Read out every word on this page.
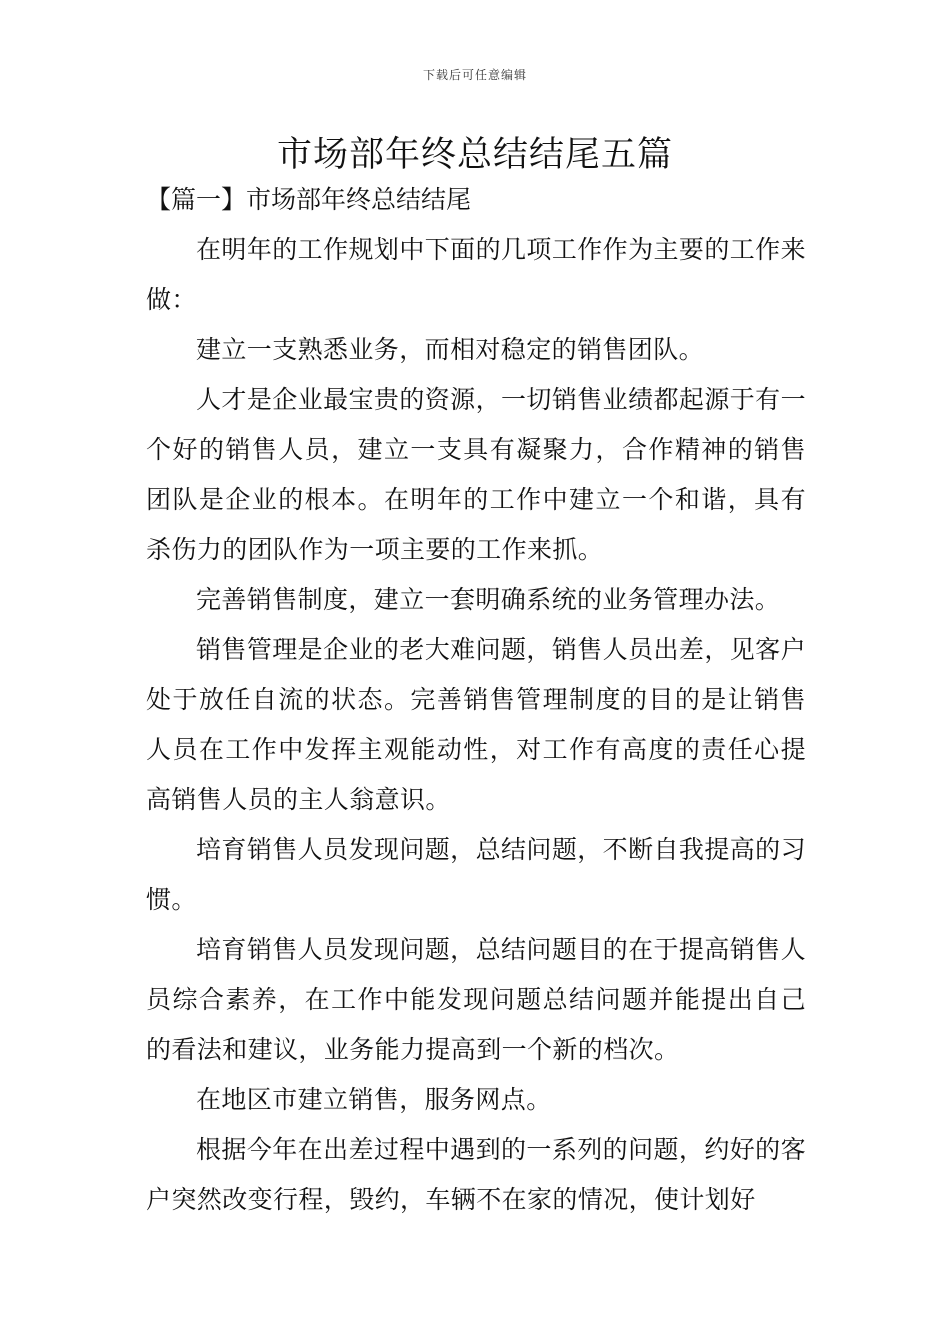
下载后可任意编辑
市场部年终总结结尾五篇
【篇一】市场部年终总结结尾

在明年的工作规划中下面的几项工作作为主要的工作来做：

建立一支熟悉业务，而相对稳定的销售团队。

人才是企业最宝贵的资源，一切销售业绩都起源于有一个好的销售人员，建立一支具有凝聚力，合作精神的销售团队是企业的根本。在明年的工作中建立一个和谐，具有杀伤力的团队作为一项主要的工作来抓。

完善销售制度，建立一套明确系统的业务管理办法。

销售管理是企业的老大难问题，销售人员出差，见客户处于放任自流的状态。完善销售管理制度的目的是让销售人员在工作中发挥主观能动性，对工作有高度的责任心提高销售人员的主人翁意识。

培育销售人员发现问题，总结问题，不断自我提高的习惯。

培育销售人员发现问题，总结问题目的在于提高销售人员综合素养，在工作中能发现问题总结问题并能提出自己的看法和建议，业务能力提高到一个新的档次。

在地区市建立销售，服务网点。

根据今年在出差过程中遇到的一系列的问题，约好的客户突然改变行程，毁约，车辆不在家的情况，使计划好
